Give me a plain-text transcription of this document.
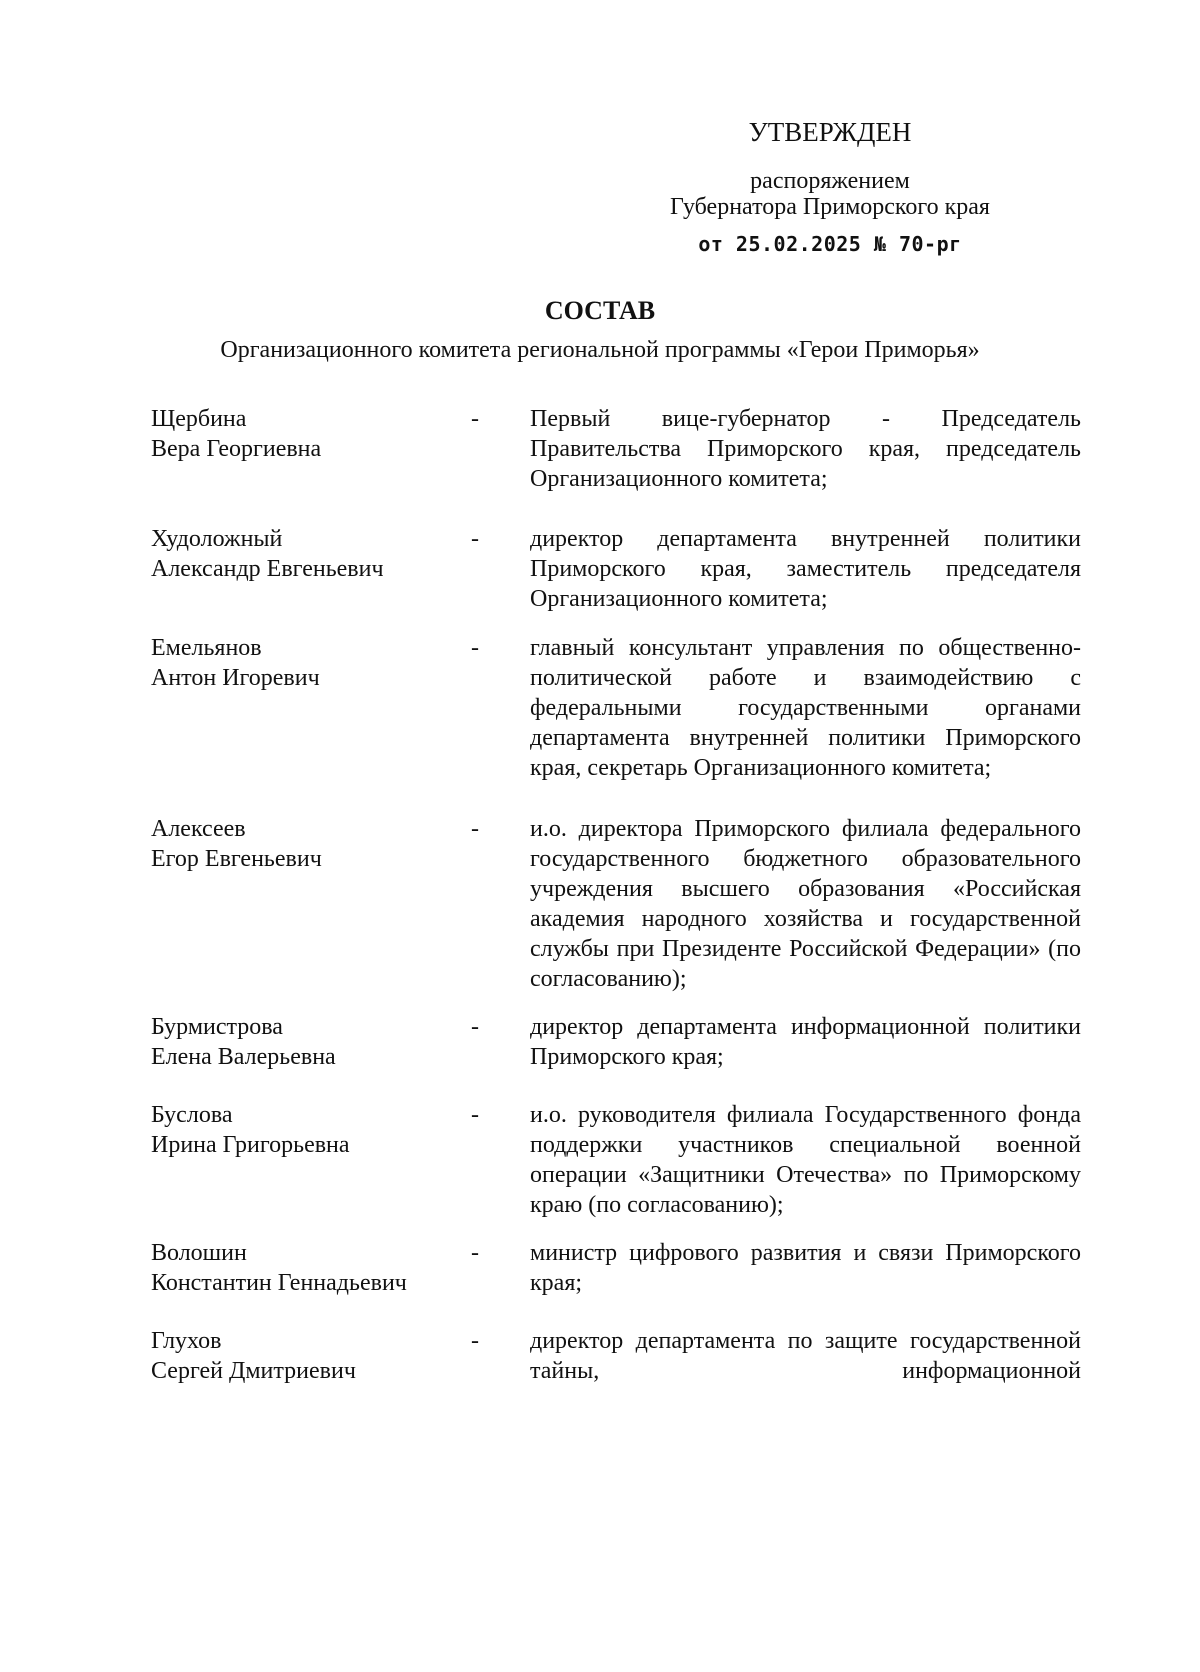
УТВЕРЖДЕН
распоряжением
Губернатора Приморского края
от 25.02.2025 № 70-рг
СОСТАВ
Организационного комитета региональной программы «Герои Приморья»
Щербина
Вера Георгиевна
-	Первый вице-губернатор - Председатель Правительства Приморского края, председатель Организационного комитета;
Худоложный
Александр Евгеньевич
-	директор департамента внутренней политики Приморского края, заместитель председателя Организационного комитета;
Емельянов
Антон Игоревич
-	главный консультант управления по общественно-политической работе и взаимодействию с федеральными государственными органами департамента внутренней политики Приморского края, секретарь Организационного комитета;
Алексеев
Егор Евгеньевич
-	и.о. директора Приморского филиала федерального государственного бюджетного образовательного учреждения высшего образования «Российская академия народного хозяйства и государственной службы при Президенте Российской Федерации» (по согласованию);
Бурмистрова
Елена Валерьевна
-	директор департамента информационной политики Приморского края;
Буслова
Ирина Григорьевна
-	и.о. руководителя филиала Государственного фонда поддержки участников специальной военной операции «Защитники Отечества» по Приморскому краю (по согласованию);
Волошин
Константин Геннадьевич
-	министр цифрового развития и связи Приморского края;
Глухов
Сергей Дмитриевич
-	директор департамента по защите государственной тайны, информационной
